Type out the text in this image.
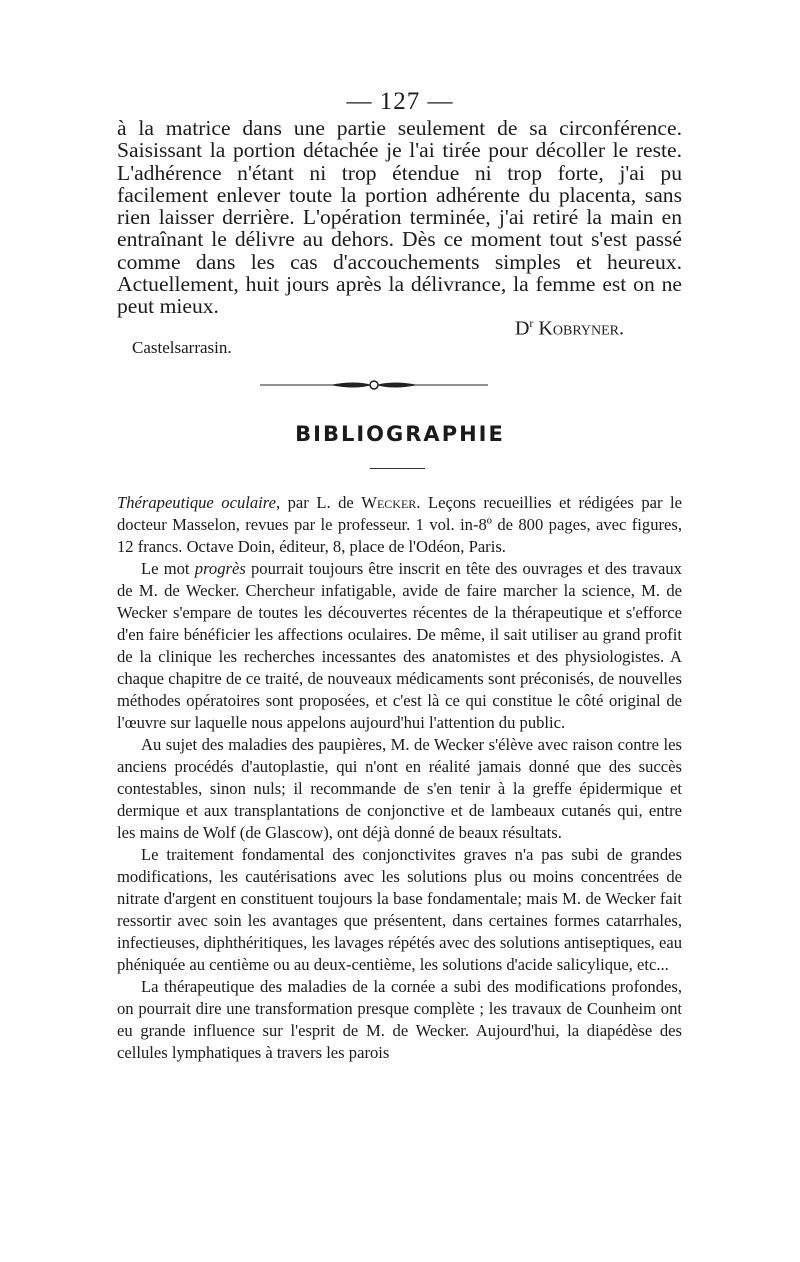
— 127 —

à la matrice dans une partie seulement de sa circonférence. Saisissant la portion détachée je l'ai tirée pour décoller le reste. L'adhérence n'étant ni trop étendue ni trop forte, j'ai pu facilement enlever toute la portion adhérente du placenta, sans rien laisser derrière. L'opération terminée, j'ai retiré la main en entraînant le délivre au dehors. Dès ce moment tout s'est passé comme dans les cas d'accouchements simples et heureux. Actuellement, huit jours après la délivrance, la femme est on ne peut mieux.

$D^r$ Kobryner.
Castelsarrasin.
BIBLIOGRAPHIE

Thérapeutique oculaire, par L. de Wecker. Leçons recueillies et rédigées par le docteur Masselon, revues par le professeur. 1 vol. in-8º de 800 pages, avec figures, 12 francs. Octave Doin, éditeur, 8, place de l'Odéon, Paris.

Le mot progrès pourrait toujours être inscrit en tête des ouvrages et des travaux de M. de Wecker. Chercheur infatigable, avide de faire marcher la science, M. de Wecker s'empare de toutes les découvertes récentes de la thérapeutique et s'efforce d'en faire bénéficier les affections oculaires. De même, il sait utiliser au grand profit de la clinique les recherches incessantes des anatomistes et des physiologistes. A chaque chapitre de ce traité, de nouveaux médicaments sont préconisés, de nouvelles méthodes opératoires sont proposées, et c'est là ce qui constitue le côté original de l'œuvre sur laquelle nous appelons aujourd'hui l'attention du public.

Au sujet des maladies des paupières, M. de Wecker s'élève avec raison contre les anciens procédés d'autoplastie, qui n'ont en réalité jamais donné que des succès contestables, sinon nuls; il recommande de s'en tenir à la greffe épidermique et dermique et aux transplantations de conjonctive et de lambeaux cutanés qui, entre les mains de Wolf (de Glascow), ont déjà donné de beaux résultats.

Le traitement fondamental des conjonctivites graves n'a pas subi de grandes modifications, les cautérisations avec les solutions plus ou moins concentrées de nitrate d'argent en constituent toujours la base fondamentale; mais M. de Wecker fait ressortir avec soin les avantages que présentent, dans certaines formes catarrhales, infectieuses, diphthéritiques, les lavages répétés avec des solutions antiseptiques, eau phéniquée au centième ou au deux-centième, les solutions d'acide salicylique, etc...

La thérapeutique des maladies de la cornée a subi des modifications profondes, on pourrait dire une transformation presque complète ; les travaux de Counheim ont eu grande influence sur l'esprit de M. de Wecker. Aujourd'hui, la diapédèse des cellules lymphatiques à travers les parois
